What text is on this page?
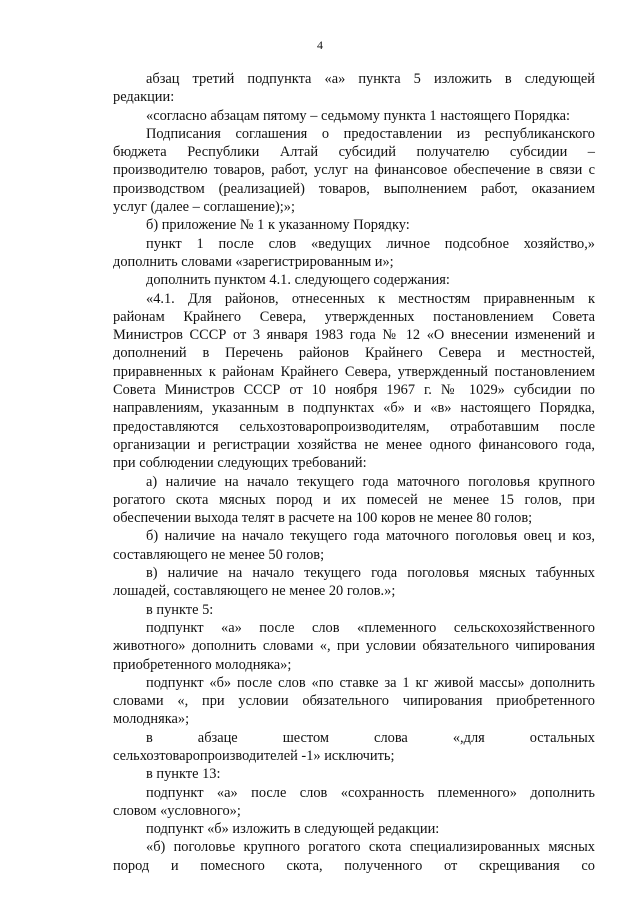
4
абзац третий подпункта «а» пункта 5 изложить в следующей
редакции:
«согласно абзацам пятому – седьмому пункта 1 настоящего Порядка:
Подписания соглашения о предоставлении из республиканского
бюджета Республики Алтай субсидий получателю субсидии –
производителю товаров, работ, услуг на финансовое обеспечение в связи с
производством (реализацией) товаров, выполнением работ, оказанием
услуг (далее – соглашение);»;
б) приложение № 1 к указанному Порядку:
пункт 1 после слов «ведущих личное подсобное хозяйство,»
дополнить словами «зарегистрированным и»;
дополнить пунктом 4.1. следующего содержания:
«4.1. Для районов, отнесенных к местностям приравненным к
районам Крайнего Севера, утвержденных постановлением Совета
Министров СССР от 3 января 1983 года № 12 «О внесении изменений и
дополнений в Перечень районов Крайнего Севера и местностей,
приравненных к районам Крайнего Севера, утвержденный постановлением
Совета Министров СССР от 10 ноября 1967 г. № 1029» субсидии по
направлениям, указанным в подпунктах «б» и «в» настоящего Порядка,
предоставляются сельхозтоваропроизводителям, отработавшим после
организации и регистрации хозяйства не менее одного финансового года,
при соблюдении следующих требований:
а) наличие на начало текущего года маточного поголовья крупного
рогатого скота мясных пород и их помесей не менее 15 голов, при
обеспечении выхода телят в расчете на 100 коров не менее 80 голов;
б) наличие на начало текущего года маточного поголовья овец и коз,
составляющего не менее 50 голов;
в) наличие на начало текущего года поголовья мясных табунных
лошадей, составляющего не менее 20 голов.»;
в пункте 5:
подпункт «а» после слов «племенного сельскохозяйственного
животного» дополнить словами «, при условии обязательного чипирования
приобретенного молодняка»;
подпункт «б» после слов «по ставке за 1 кг живой массы» дополнить
словами «, при условии обязательного чипирования приобретенного
молодняка»;
в абзаце шестом слова «,для остальных
сельхозтоваропроизводителей -1» исключить;
в пункте 13:
подпункт «а» после слов «сохранность племенного» дополнить
словом «условного»;
подпункт «б» изложить в следующей редакции:
«б) поголовье крупного рогатого скота специализированных мясных
пород и помесного скота, полученного от скрещивания со
